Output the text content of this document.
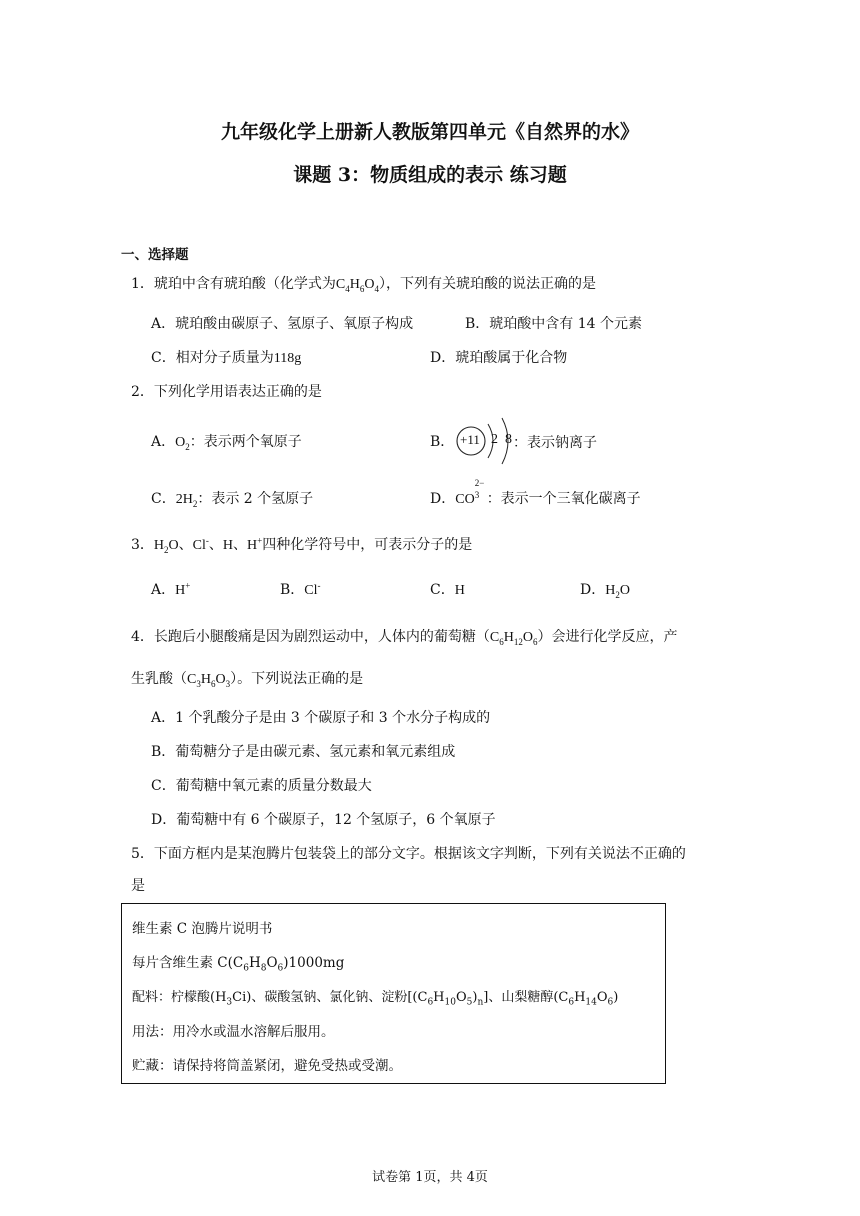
九年级化学上册新人教版第四单元《自然界的水》
课题 3：物质组成的表示 练习题
一、选择题
1．琥珀中含有琥珀酸（化学式为$C_4H_6O_4$），下列有关琥珀酸的说法正确的是
A．琥珀酸由碳原子、氢原子、氧原子构成	B．琥珀酸中含有 14 个元素
C．相对分子质量为118g	D．琥珀酸属于化合物
2．下列化学用语表达正确的是
A．$O_2$：表示两个氧原子	B． +11 2 8 ：表示钠离子
C．$2H_2$：表示 2 个氢原子	D．CO
2−
3 ：表示一个三氧化碳离子
3．$H_2O$、Cl-、H、H+四种化学符号中，可表示分子的是
A．H+	B．Cl-	C．H	D．$H_2O$
4．长跑后小腿酸痛是因为剧烈运动中，人体内的葡萄糖$(C_6H_{12}O_6)$会进行化学反应，产
生乳酸$(C_3H_6O_3)$。下列说法正确的是
A．1 个乳酸分子是由 3 个碳原子和 3 个水分子构成的
B．葡萄糖分子是由碳元素、氢元素和氧元素组成
C．葡萄糖中氧元素的质量分数最大
D．葡萄糖中有 6 个碳原子，12 个氢原子，6 个氧原子
5．下面方框内是某泡腾片包装袋上的部分文字。根据该文字判断，下列有关说法不正确的
是
维生素 C 泡腾片说明书
每片含维生素 $C(C_6H_8O_6)1000mg$
配料：柠檬酸$(H_3Ci)$、碳酸氢钠、氯化钠、淀粉$[(C_6H_{10}O_5)_n]$、山梨糖醇$(C_6H_{14}O_6)$
用法：用冷水或温水溶解后服用。
贮藏：请保持将筒盖紧闭，避免受热或受潮。
试卷第 1页，共 4页
